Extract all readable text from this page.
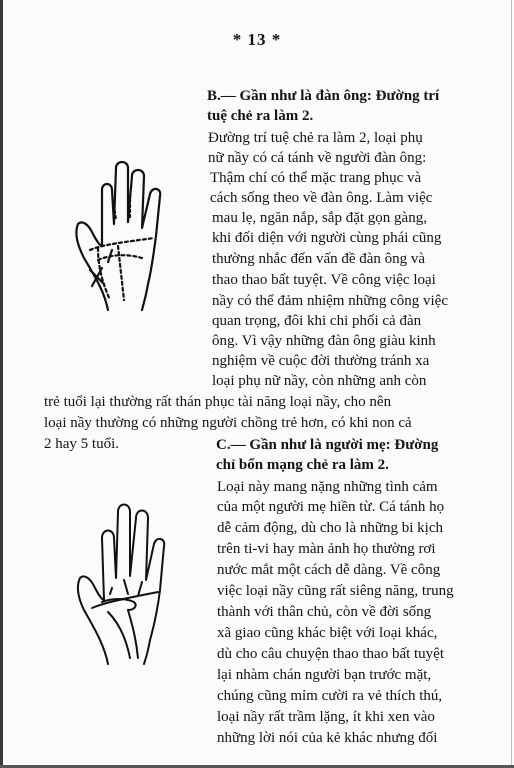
* 13 *
B.— Gần như là đàn ông: Đường trí
tuệ chẻ ra làm 2.
Đường trí tuệ chẻ ra làm 2, loại phụ
nữ nầy có cá tánh về người đàn ông:
Thậm chí có thể mặc trang phục và
cách sống theo về đàn ông. Làm việc
mau lẹ, ngăn nắp, sắp đặt gọn gàng,
khi đối diện với người cùng phái cũng
thường nhắc đến vấn đề đàn ông và
thao thao bất tuyệt. Về công việc loại
nầy có thể đảm nhiệm những công việc
quan trọng, đôi khi chi phối cả đàn
ông. Vì vậy những đàn ông giàu kinh
nghiệm về cuộc đời thường tránh xa
loại phụ nữ nầy, còn những anh còn
trẻ tuổi lại thường rất thán phục tài năng loại nầy, cho nên
loại nầy thường có những người chồng trẻ hơn, có khi non cả
2 hay 5 tuổi.	C.— Gần như là người mẹ: Đường
chỉ bổn mạng chẻ ra làm 2.
Loại này mang nặng những tình cảm
của một người mẹ hiền từ. Cá tánh họ
dễ cảm động, dù cho là những bi kịch
trên ti-vi hay màn ảnh họ thường rơi
nước mắt một cách dễ dàng. Về công
việc loại nầy cũng rất siêng năng, trung
thành với thân chủ, còn về đời sống
xã giao cũng khác biệt với loại khác,
dù cho câu chuyện thao thao bất tuyệt
lại nhàm chán người bạn trước mặt,
chúng cũng mỉm cười ra vẻ thích thú,
loại nầy rất trầm lặng, ít khi xen vào
những lời nói của kẻ khác nhưng đối
